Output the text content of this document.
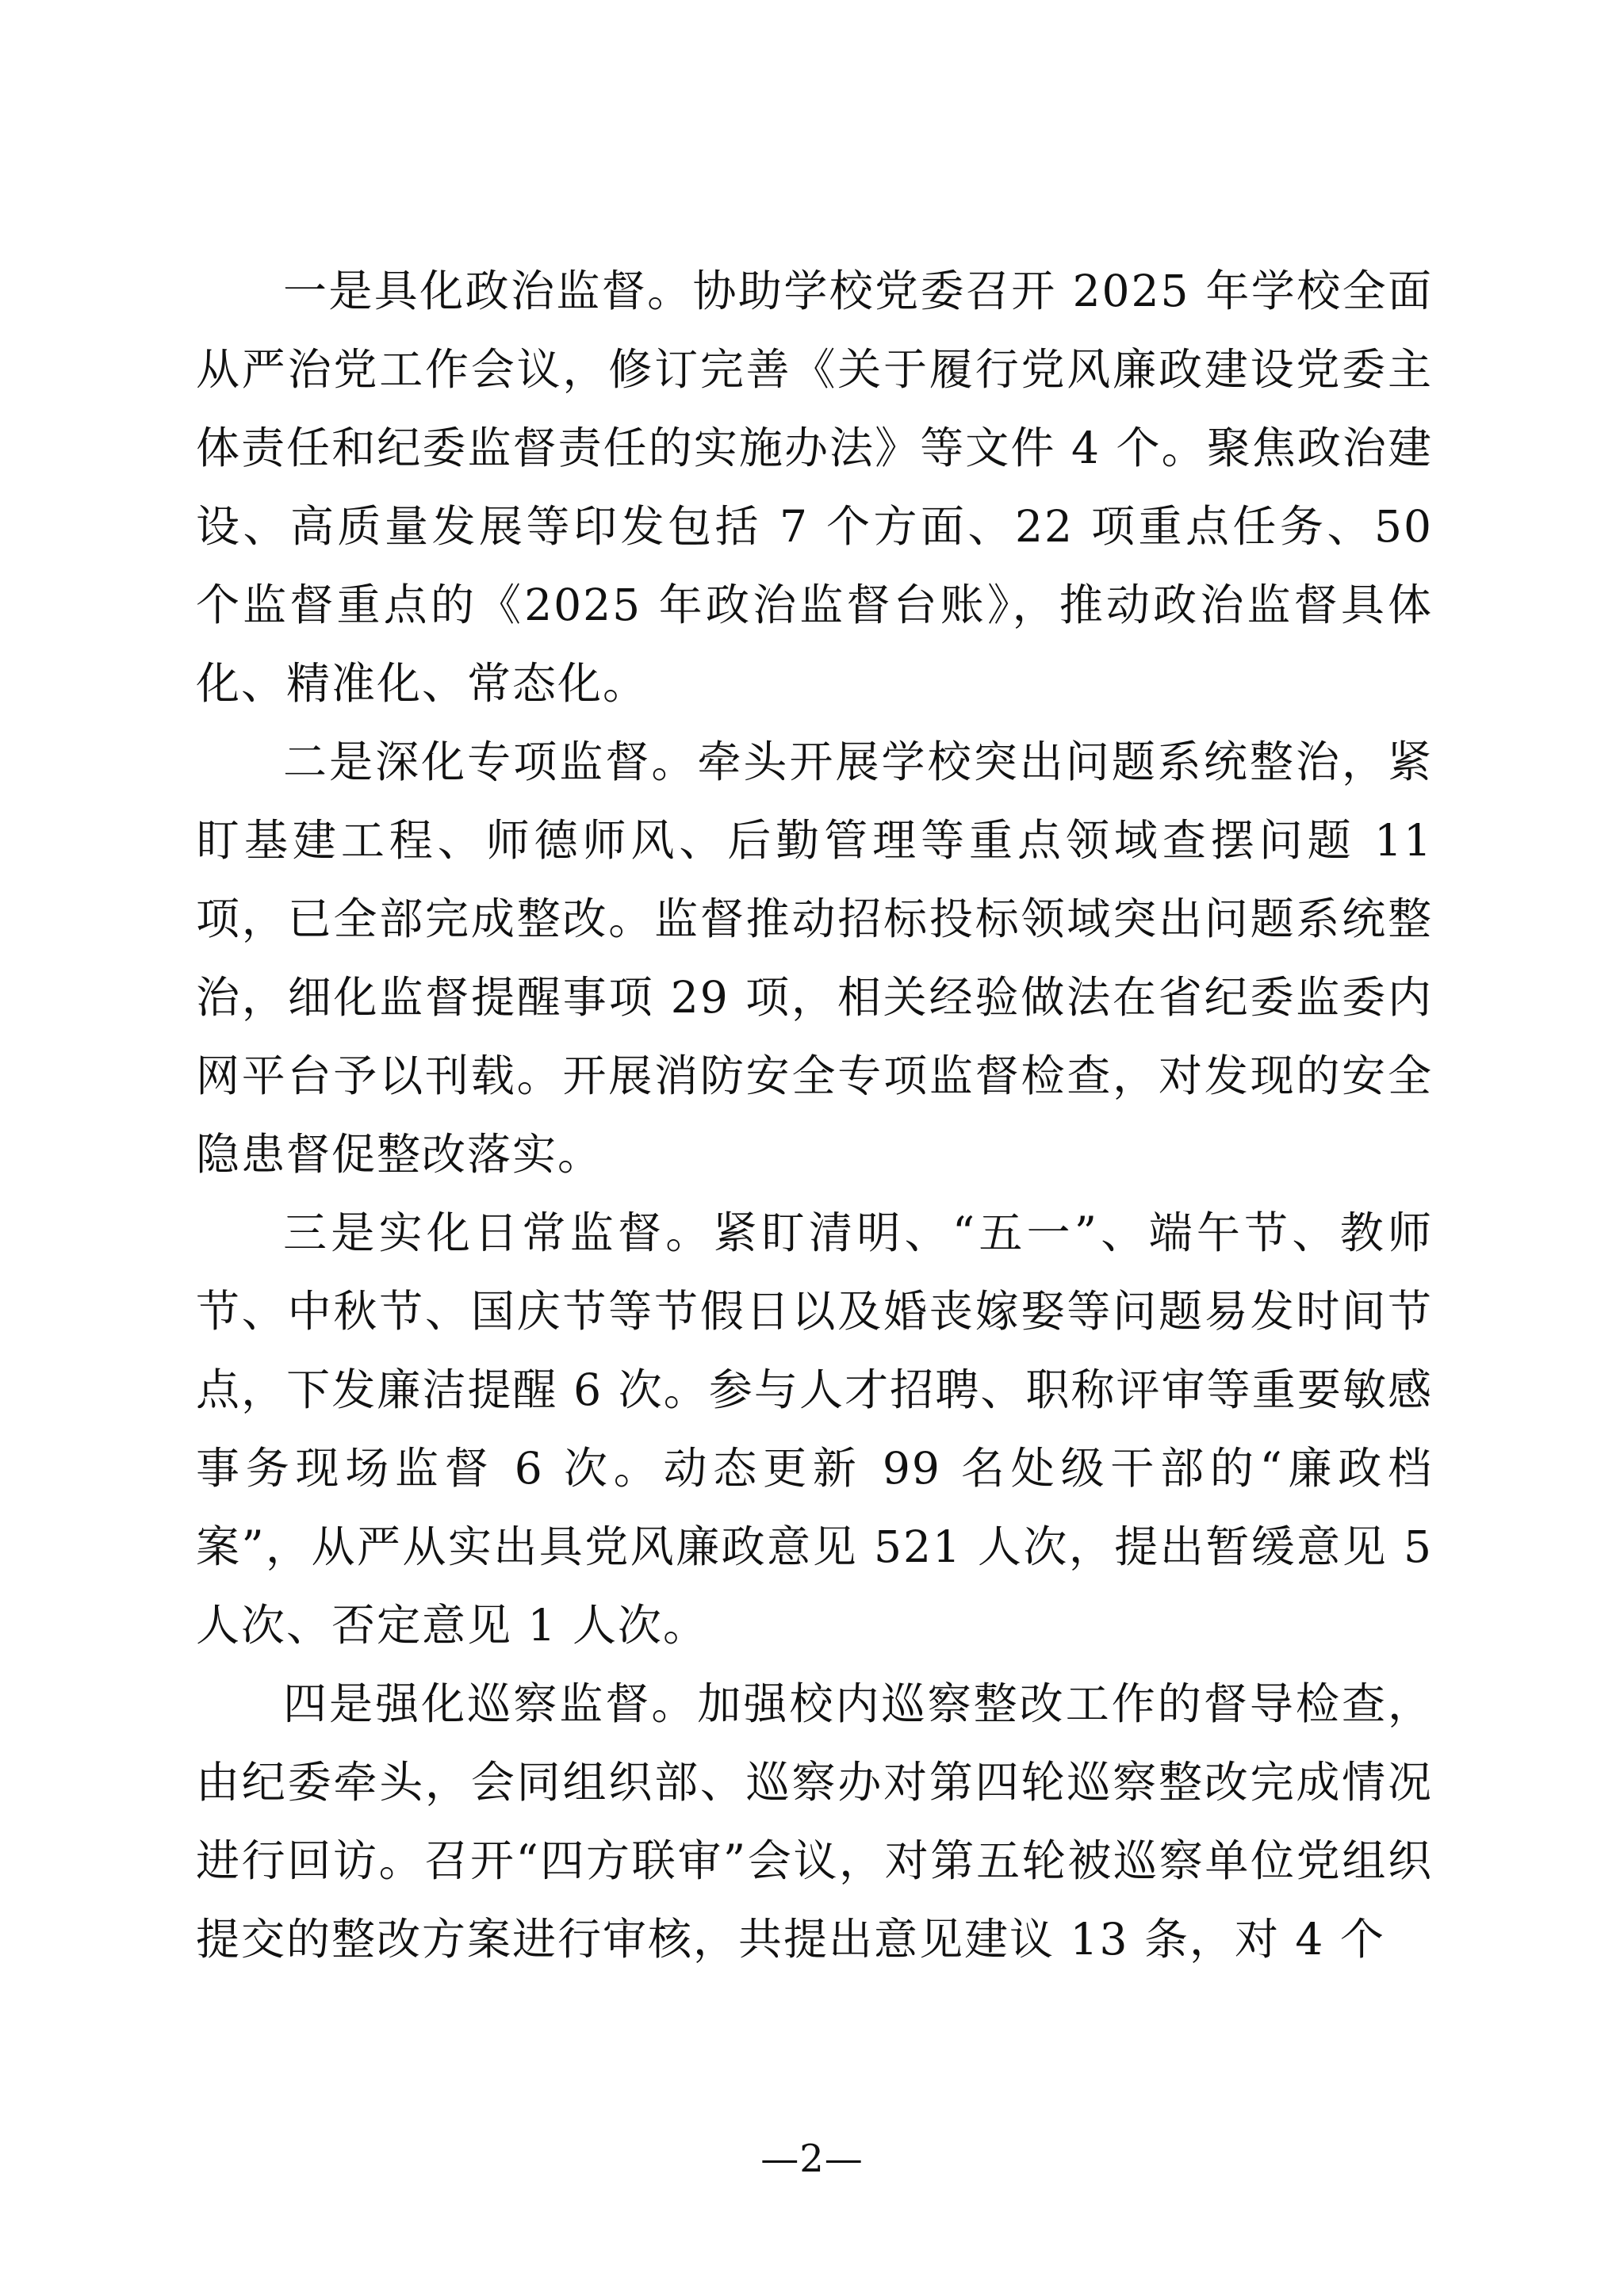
一是具化政治监督。协助学校党委召开 2025 年学校全面从严治党工作会议，修订完善《关于履行党风廉政建设党委主体责任和纪委监督责任的实施办法》等文件 4 个。聚焦政治建设、高质量发展等印发包括 7 个方面、22 项重点任务、50 个监督重点的《2025 年政治监督台账》，推动政治监督具体化、精准化、常态化。

二是深化专项监督。牵头开展学校突出问题系统整治，紧盯基建工程、师德师风、后勤管理等重点领域查摆问题 11 项，已全部完成整改。监督推动招标投标领域突出问题系统整治，细化监督提醒事项 29 项，相关经验做法在省纪委监委内网平台予以刊载。开展消防安全专项监督检查，对发现的安全隐患督促整改落实。

三是实化日常监督。紧盯清明、“五一”、端午节、教师节、中秋节、国庆节等节假日以及婚丧嫁娶等问题易发时间节点，下发廉洁提醒 6 次。参与人才招聘、职称评审等重要敏感事务现场监督 6 次。动态更新 99 名处级干部的“廉政档案”，从严从实出具党风廉政意见 521 人次，提出暂缓意见 5 人次、否定意见 1 人次。

四是强化巡察监督。加强校内巡察整改工作的督导检查，由纪委牵头，会同组织部、巡察办对第四轮巡察整改完成情况进行回访。召开“四方联审”会议，对第五轮被巡察单位党组织提交的整改方案进行审核，共提出意见建议 13 条，对 4 个

—2—
